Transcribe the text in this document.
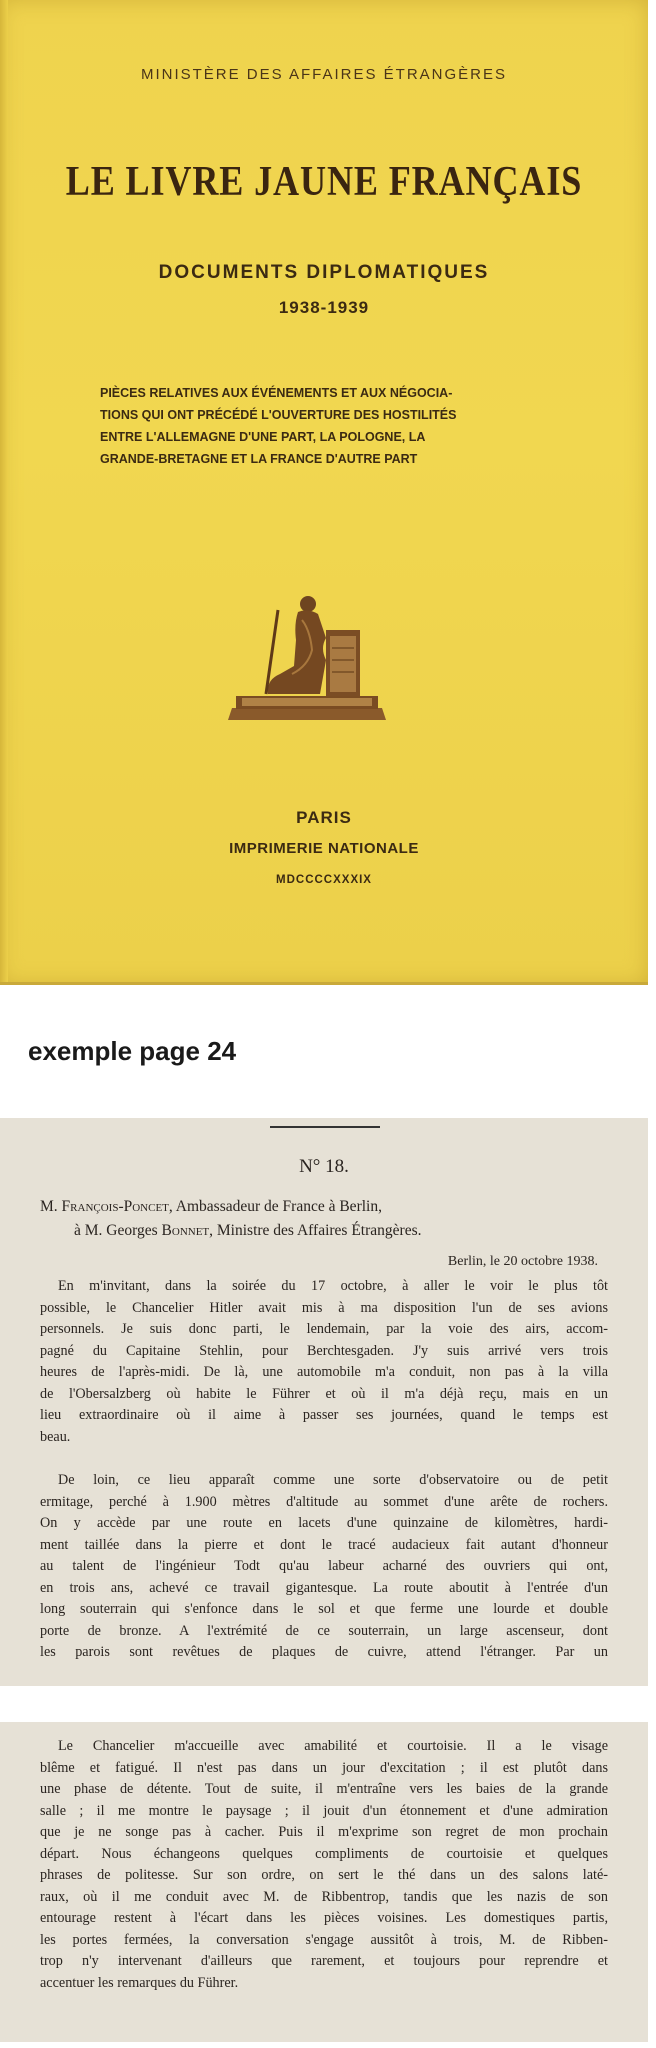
MINISTÈRE DES AFFAIRES ÉTRANGÈRES
LE LIVRE JAUNE FRANÇAIS
DOCUMENTS DIPLOMATIQUES
1938-1939
PIÈCES RELATIVES AUX ÉVÉNEMENTS ET AUX NÉGOCIA-
TIONS QUI ONT PRÉCÉDÉ L'OUVERTURE DES HOSTILITÉS
ENTRE L'ALLEMAGNE D'UNE PART, LA POLOGNE, LA
GRANDE-BRETAGNE ET LA FRANCE D'AUTRE PART
PARIS
IMPRIMERIE NATIONALE
MDCCCCXXXIX
exemple page 24
N° 18.
M. François-Poncet, Ambassadeur de France à Berlin,
à M. Georges Bonnet, Ministre des Affaires Étrangères.
Berlin, le 20 octobre 1938.
En m'invitant, dans la soirée du 17 octobre, à aller le voir le plus tôt
possible, le Chancelier Hitler avait mis à ma disposition l'un de ses avions
personnels. Je suis donc parti, le lendemain, par la voie des airs, accom-
pagné du Capitaine Stehlin, pour Berchtesgaden. J'y suis arrivé vers trois
heures de l'après-midi. De là, une automobile m'a conduit, non pas à la villa
de l'Obersalzberg où habite le Führer et où il m'a déjà reçu, mais en un
lieu extraordinaire où il aime à passer ses journées, quand le temps est
beau.
De loin, ce lieu apparaît comme une sorte d'observatoire ou de petit
ermitage, perché à 1.900 mètres d'altitude au sommet d'une arête de rochers.
On y accède par une route en lacets d'une quinzaine de kilomètres, hardi-
ment taillée dans la pierre et dont le tracé audacieux fait autant d'honneur
au talent de l'ingénieur Todt qu'au labeur acharné des ouvriers qui ont,
en trois ans, achevé ce travail gigantesque. La route aboutit à l'entrée d'un
long souterrain qui s'enfonce dans le sol et que ferme une lourde et double
porte de bronze. A l'extrémité de ce souterrain, un large ascenseur, dont
les parois sont revêtues de plaques de cuivre, attend l'étranger. Par un
Le Chancelier m'accueille avec amabilité et courtoisie. Il a le visage
blême et fatigué. Il n'est pas dans un jour d'excitation ; il est plutôt dans
une phase de détente. Tout de suite, il m'entraîne vers les baies de la grande
salle ; il me montre le paysage ; il jouit d'un étonnement et d'une admiration
que je ne songe pas à cacher. Puis il m'exprime son regret de mon prochain
départ. Nous échangeons quelques compliments de courtoisie et quelques
phrases de politesse. Sur son ordre, on sert le thé dans un des salons laté-
raux, où il me conduit avec M. de Ribbentrop, tandis que les nazis de son
entourage restent à l'écart dans les pièces voisines. Les domestiques partis,
les portes fermées, la conversation s'engage aussitôt à trois, M. de Ribben-
trop n'y intervenant d'ailleurs que rarement, et toujours pour reprendre et
accentuer les remarques du Führer.
